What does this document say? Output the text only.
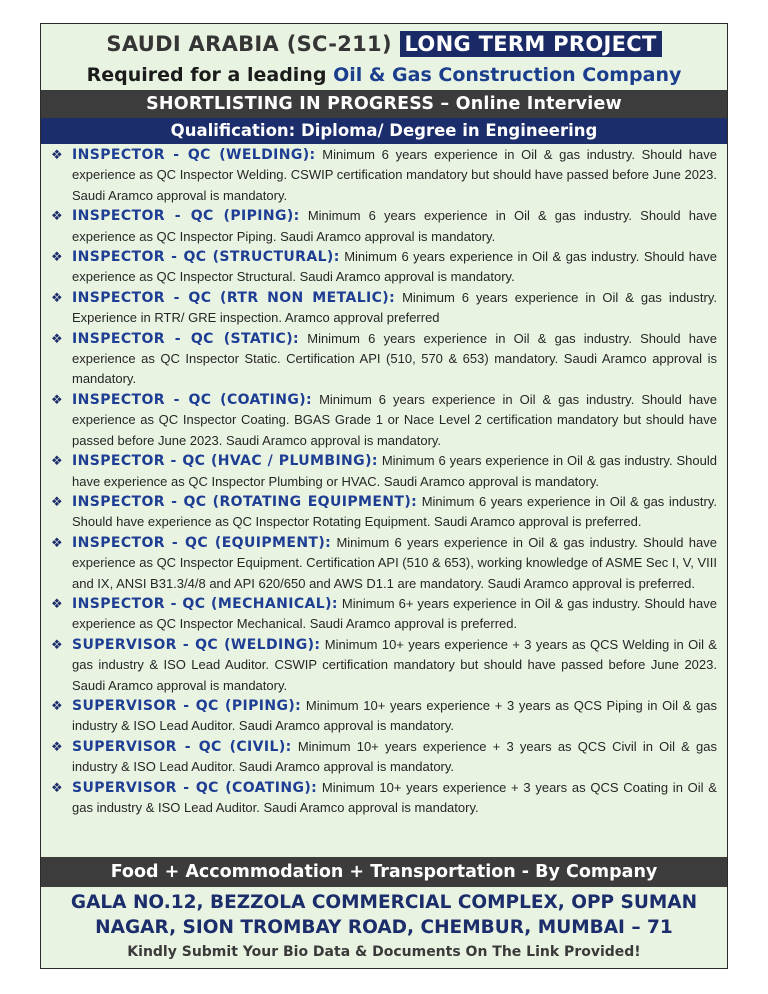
SAUDI ARABIA (SC-211) LONG TERM PROJECT
Required for a leading Oil & Gas Construction Company
SHORTLISTING IN PROGRESS – Online Interview
Qualification: Diploma/ Degree in Engineering
❖ INSPECTOR - QC (WELDING): Minimum 6 years experience in Oil & gas industry. Should have experience as QC Inspector Welding. CSWIP certification mandatory but should have passed before June 2023. Saudi Aramco approval is mandatory.
❖ INSPECTOR - QC (PIPING): Minimum 6 years experience in Oil & gas industry. Should have experience as QC Inspector Piping. Saudi Aramco approval is mandatory.
❖ INSPECTOR - QC (STRUCTURAL): Minimum 6 years experience in Oil & gas industry. Should have experience as QC Inspector Structural. Saudi Aramco approval is mandatory.
❖ INSPECTOR - QC (RTR NON METALIC): Minimum 6 years experience in Oil & gas industry. Experience in RTR/ GRE inspection. Aramco approval preferred
❖ INSPECTOR - QC (STATIC): Minimum 6 years experience in Oil & gas industry. Should have experience as QC Inspector Static. Certification API (510, 570 & 653) mandatory. Saudi Aramco approval is mandatory.
❖ INSPECTOR - QC (COATING): Minimum 6 years experience in Oil & gas industry. Should have experience as QC Inspector Coating. BGAS Grade 1 or Nace Level 2 certification mandatory but should have passed before June 2023. Saudi Aramco approval is mandatory.
❖ INSPECTOR - QC (HVAC / PLUMBING): Minimum 6 years experience in Oil & gas industry. Should have experience as QC Inspector Plumbing or HVAC. Saudi Aramco approval is mandatory.
❖ INSPECTOR - QC (ROTATING EQUIPMENT): Minimum 6 years experience in Oil & gas industry. Should have experience as QC Inspector Rotating Equipment. Saudi Aramco approval is preferred.
❖ INSPECTOR - QC (EQUIPMENT): Minimum 6 years experience in Oil & gas industry. Should have experience as QC Inspector Equipment. Certification API (510 & 653), working knowledge of ASME Sec I, V, VIII and IX, ANSI B31.3/4/8 and API 620/650 and AWS D1.1 are mandatory. Saudi Aramco approval is preferred.
❖ INSPECTOR - QC (MECHANICAL): Minimum 6+ years experience in Oil & gas industry. Should have experience as QC Inspector Mechanical. Saudi Aramco approval is preferred.
❖ SUPERVISOR - QC (WELDING): Minimum 10+ years experience + 3 years as QCS Welding in Oil & gas industry & ISO Lead Auditor. CSWIP certification mandatory but should have passed before June 2023. Saudi Aramco approval is mandatory.
❖ SUPERVISOR - QC (PIPING): Minimum 10+ years experience + 3 years as QCS Piping in Oil & gas industry & ISO Lead Auditor. Saudi Aramco approval is mandatory.
❖ SUPERVISOR - QC (CIVIL): Minimum 10+ years experience + 3 years as QCS Civil in Oil & gas industry & ISO Lead Auditor. Saudi Aramco approval is mandatory.
❖ SUPERVISOR - QC (COATING): Minimum 10+ years experience + 3 years as QCS Coating in Oil & gas industry & ISO Lead Auditor. Saudi Aramco approval is mandatory.
Food + Accommodation + Transportation - By Company
GALA NO.12, BEZZOLA COMMERCIAL COMPLEX, OPP SUMAN
NAGAR, SION TROMBAY ROAD, CHEMBUR, MUMBAI – 71
Kindly Submit Your Bio Data & Documents On The Link Provided!
